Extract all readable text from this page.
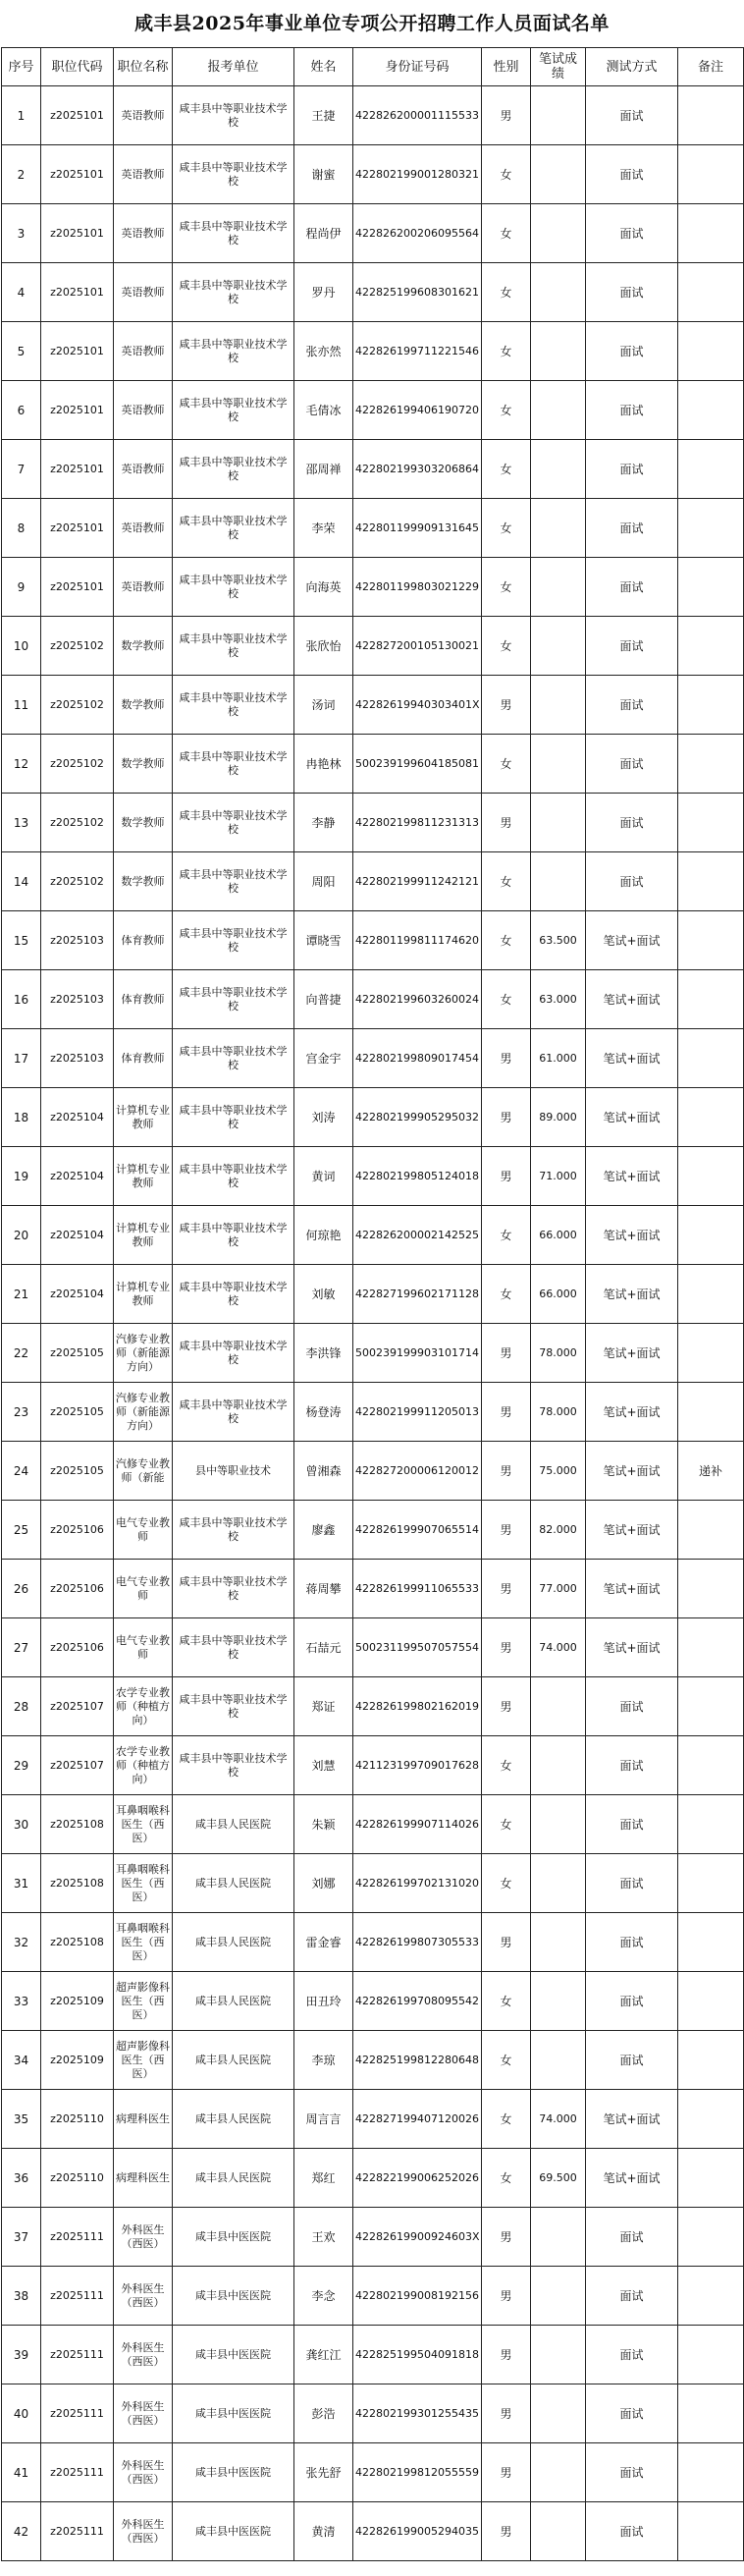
咸丰县2025年事业单位专项公开招聘工作人员面试名单
序号	职位代码	职位名称	报考单位	姓名	身份证号码	性别	笔试成绩	测试方式	备注
1	z2025101	英语教师	咸丰县中等职业技术学校	王捷	422826200001115533	男		面试	
2	z2025101	英语教师	咸丰县中等职业技术学校	谢蜜	422802199001280321	女		面试	
3	z2025101	英语教师	咸丰县中等职业技术学校	程尚伊	422826200206095564	女		面试	
4	z2025101	英语教师	咸丰县中等职业技术学校	罗丹	422825199608301621	女		面试	
5	z2025101	英语教师	咸丰县中等职业技术学校	张亦然	422826199711221546	女		面试	
6	z2025101	英语教师	咸丰县中等职业技术学校	毛倩冰	422826199406190720	女		面试	
7	z2025101	英语教师	咸丰县中等职业技术学校	邵周禅	422802199303206864	女		面试	
8	z2025101	英语教师	咸丰县中等职业技术学校	李荣	422801199909131645	女		面试	
9	z2025101	英语教师	咸丰县中等职业技术学校	向海英	422801199803021229	女		面试	
10	z2025102	数学教师	咸丰县中等职业技术学校	张欣怡	422827200105130021	女		面试	
11	z2025102	数学教师	咸丰县中等职业技术学校	汤词	42282619940303401X	男		面试	
12	z2025102	数学教师	咸丰县中等职业技术学校	冉艳林	500239199604185081	女		面试	
13	z2025102	数学教师	咸丰县中等职业技术学校	李静	422802199811231313	男		面试	
14	z2025102	数学教师	咸丰县中等职业技术学校	周阳	422802199911242121	女		面试	
15	z2025103	体育教师	咸丰县中等职业技术学校	谭晓雪	422801199811174620	女	63.500	笔试+面试	
16	z2025103	体育教师	咸丰县中等职业技术学校	向普捷	422802199603260024	女	63.000	笔试+面试	
17	z2025103	体育教师	咸丰县中等职业技术学校	宫金宇	422802199809017454	男	61.000	笔试+面试	
18	z2025104	计算机专业教师	咸丰县中等职业技术学校	刘涛	422802199905295032	男	89.000	笔试+面试	
19	z2025104	计算机专业教师	咸丰县中等职业技术学校	黄词	422802199805124018	男	71.000	笔试+面试	
20	z2025104	计算机专业教师	咸丰县中等职业技术学校	何琼艳	422826200002142525	女	66.000	笔试+面试	
21	z2025104	计算机专业教师	咸丰县中等职业技术学校	刘敏	422827199602171128	女	66.000	笔试+面试	
22	z2025105	汽修专业教师（新能源方向）	咸丰县中等职业技术学校	李洪锋	500239199903101714	男	78.000	笔试+面试	
23	z2025105	汽修专业教师（新能源方向）	咸丰县中等职业技术学校	杨登涛	422802199911205013	男	78.000	笔试+面试	
24	z2025105	汽修专业教师（新能	县中等职业技术	曾湘森	422827200006120012	男	75.000	笔试+面试	递补
25	z2025106	电气专业教师	咸丰县中等职业技术学校	廖鑫	422826199907065514	男	82.000	笔试+面试	
26	z2025106	电气专业教师	咸丰县中等职业技术学校	蒋周攀	422826199911065533	男	77.000	笔试+面试	
27	z2025106	电气专业教师	咸丰县中等职业技术学校	石喆元	500231199507057554	男	74.000	笔试+面试	
28	z2025107	农学专业教师（种植方向）	咸丰县中等职业技术学校	郑证	422826199802162019	男		面试	
29	z2025107	农学专业教师（种植方向）	咸丰县中等职业技术学校	刘慧	421123199709017628	女		面试	
30	z2025108	耳鼻咽喉科医生（西医）	咸丰县人民医院	朱颖	422826199907114026	女		面试	
31	z2025108	耳鼻咽喉科医生（西医）	咸丰县人民医院	刘娜	422826199702131020	女		面试	
32	z2025108	耳鼻咽喉科医生（西医）	咸丰县人民医院	雷金睿	422826199807305533	男		面试	
33	z2025109	超声影像科医生（西医）	咸丰县人民医院	田丑玲	422826199708095542	女		面试	
34	z2025109	超声影像科医生（西医）	咸丰县人民医院	李琼	422825199812280648	女		面试	
35	z2025110	病理科医生	咸丰县人民医院	周言言	422827199407120026	女	74.000	笔试+面试	
36	z2025110	病理科医生	咸丰县人民医院	郑红	422822199006252026	女	69.500	笔试+面试	
37	z2025111	外科医生（西医）	咸丰县中医医院	王欢	42282619900924603X	男		面试	
38	z2025111	外科医生（西医）	咸丰县中医医院	李念	422802199008192156	男		面试	
39	z2025111	外科医生（西医）	咸丰县中医医院	龚红江	422825199504091818	男		面试	
40	z2025111	外科医生（西医）	咸丰县中医医院	彭浩	422802199301255435	男		面试	
41	z2025111	外科医生（西医）	咸丰县中医医院	张先舒	422802199812055559	男		面试	
42	z2025111	外科医生（西医）	咸丰县中医医院	黄清	422826199005294035	男		面试	
